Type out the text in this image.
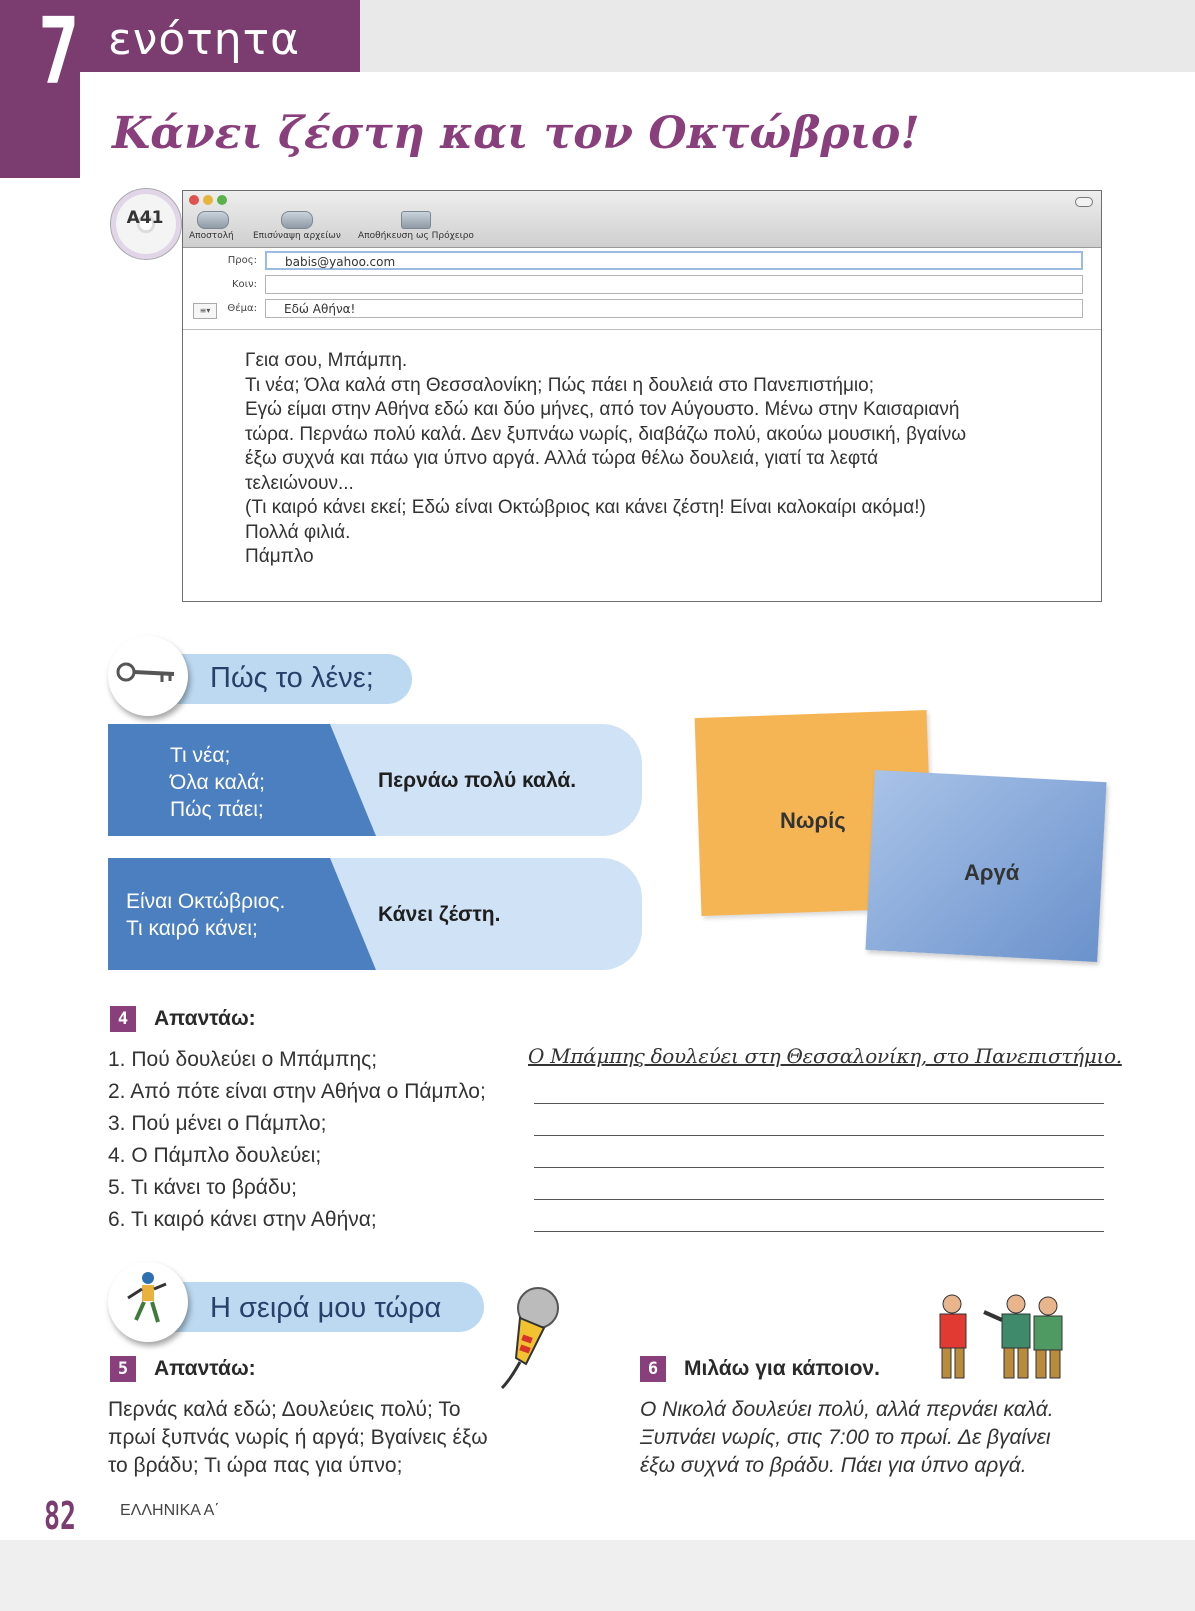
7 ενότητα
Κάνει ζέστη και τον Οκτώβριο!
A41
Αποστολή Επισύναψη αρχείων Αποθήκευση ως Πρόχειρο
Προς:	babis@yahoo.com
Κοιν:
≡▾	Θέμα:	Εδώ Αθήνα!
Γεια σου, Μπάμπη.
Τι νέα; Όλα καλά στη Θεσσαλονίκη; Πώς πάει η δουλειά στο Πανεπιστήμιο;
Εγώ είμαι στην Αθήνα εδώ και δύο μήνες, από τον Αύγουστο. Μένω στην Καισαριανή
τώρα. Περνάω πολύ καλά. Δεν ξυπνάω νωρίς, διαβάζω πολύ, ακούω μουσική, βγαίνω
έξω συχνά και πάω για ύπνο αργά. Αλλά τώρα θέλω δουλειά, γιατί τα λεφτά
τελειώνουν...
(Τι καιρό κάνει εκεί; Εδώ είναι Οκτώβριος και κάνει ζέστη! Είναι καλοκαίρι ακόμα!)
Πολλά φιλιά.
Πάμπλο
Πώς το λένε;
Τι νέα;
Όλα καλά;
Πώς πάει;
Περνάω πολύ καλά.
Είναι Οκτώβριος.
Τι καιρό κάνει;
Κάνει ζέστη.
Νωρίς
Αργά
4	Απαντάω:
1. Πού δουλεύει ο Μπάμπης;
2. Από πότε είναι στην Αθήνα ο Πάμπλο;
3. Πού μένει ο Πάμπλο;
4. Ο Πάμπλο δουλεύει;
5. Τι κάνει το βράδυ;
6. Τι καιρό κάνει στην Αθήνα;
Ο Μπάμπης δουλεύει στη Θεσσαλονίκη, στο Πανεπιστήμιο.
Η σειρά μου τώρα
5	Απαντάω:
Περνάς καλά εδώ; Δουλεύεις πολύ; Το
πρωί ξυπνάς νωρίς ή αργά; Βγαίνεις έξω
το βράδυ; Τι ώρα πας για ύπνο;
6	Μιλάω για κάποιον.
Ο Νικολά δουλεύει πολύ, αλλά περνάει καλά.
Ξυπνάει νωρίς, στις 7:00 το πρωί. Δε βγαίνει
έξω συχνά το βράδυ. Πάει για ύπνο αργά.
82	ΕΛΛΗΝΙΚΑ Α΄
